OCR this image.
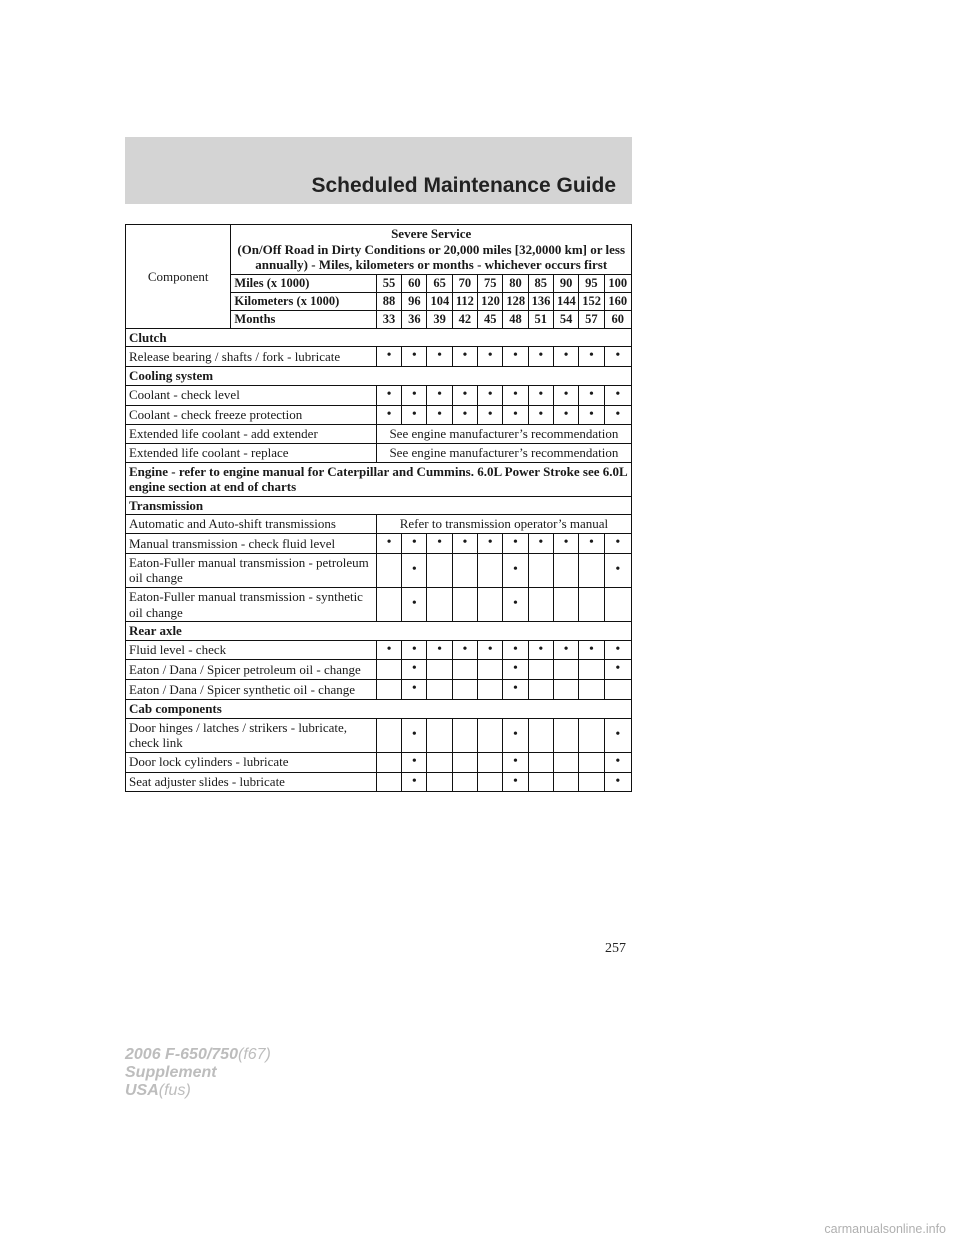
Scheduled Maintenance Guide
Component	Severe Service
(On/Off Road in Dirty Conditions or 20,000 miles [32,0000 km] or less annually) - Miles, kilometers or months - whichever occurs first										

	Miles (x 1000)	55	60	65	70	75	80	85	90	95	100
	Kilometers (x 1000)	88	96	104	112	120	128	136	144	152	160
	Months	33	36	39	42	45	48	51	54	57	60
Clutch											
Release bearing / shafts / fork - lubricate		•	•	•	•	•	•	•	•	•	•
Cooling system											
Coolant - check level		•	•	•	•	•	•	•	•	•	•
Coolant - check freeze protection		•	•	•	•	•	•	•	•	•	•
Extended life coolant - add extender		See engine manufacturer’s recommendation									
Extended life coolant - replace		See engine manufacturer’s recommendation									
Engine - refer to engine manual for Caterpillar and Cummins. 6.0L Power Stroke see 6.0L engine section at end of charts											
Transmission											
Automatic and Auto-shift transmissions		Refer to transmission operator’s manual									
Manual transmission - check fluid level		•	•	•	•	•	•	•	•	•	•
Eaton-Fuller manual transmission - petroleum oil change			•				•				•
Eaton-Fuller manual transmission - synthetic oil change			•				•				
Rear axle											
Fluid level - check		•	•	•	•	•	•	•	•	•	•
Eaton / Dana / Spicer petroleum oil - change			•				•				•
Eaton / Dana / Spicer synthetic oil - change			•				•				
Cab components											
Door hinges / latches / strikers - lubricate, check link			•				•				•
Door lock cylinders - lubricate			•				•				•
Seat adjuster slides - lubricate			•				•				•
257
2006 F-650/750(f67)
Supplement
USA(fus)
carmanualsonline.info
